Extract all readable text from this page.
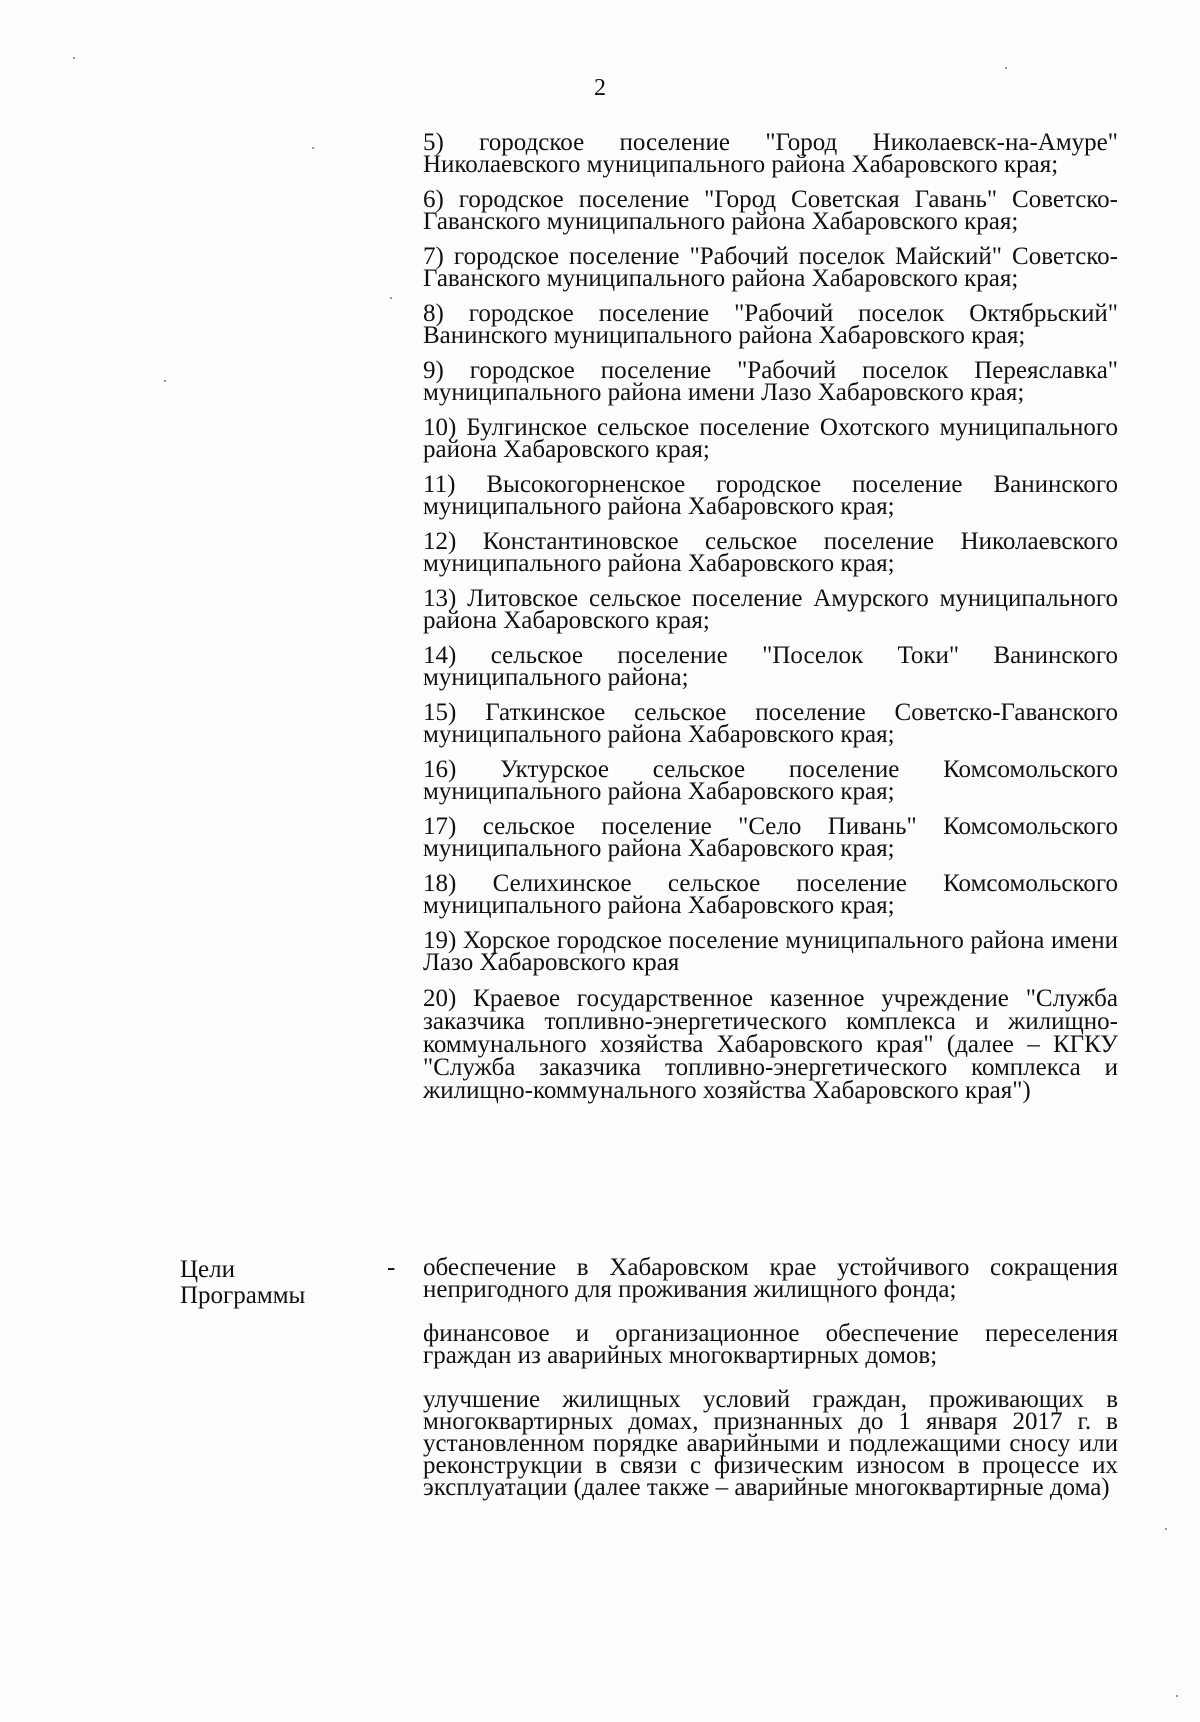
2
5) городское поселение "Город Николаевск-на-Амуре" Николаевского муниципального района Хабаровского края;
6) городское поселение "Город Советская Гавань" Советско-Гаванского муниципального района Хабаровского края;
7) городское поселение "Рабочий поселок Майский" Советско-Гаванского муниципального района Хабаровского края;
8) городское поселение "Рабочий поселок Октябрьский" Ванинского муниципального района Хабаровского края;
9) городское поселение "Рабочий поселок Переяславка" муниципального района имени Лазо Хабаровского края;
10) Булгинское сельское поселение Охотского муниципального района Хабаровского края;
11) Высокогорненское городское поселение Ванинского муниципального района Хабаровского края;
12) Константиновское сельское поселение Николаевского муниципального района Хабаровского края;
13) Литовское сельское поселение Амурского муниципального района Хабаровского края;
14) сельское поселение "Поселок Токи" Ванинского муниципального района;
15) Гаткинское сельское поселение Советско-Гаванского муниципального района Хабаровского края;
16) Уктурское сельское поселение Комсомольского муниципального района Хабаровского края;
17) сельское поселение "Село Пивань" Комсомольского муниципального района Хабаровского края;
18) Селихинское сельское поселение Комсомольского муниципального района Хабаровского края;
19) Хорское городское поселение муниципального района имени Лазо Хабаровского края
20) Краевое государственное казенное учреждение "Служба заказчика топливно-энергетического комплекса и жилищно-коммунального хозяйства Хабаровского края" (далее – КГКУ "Служба заказчика топливно-энергетического комплекса и жилищно-коммунального хозяйства Хабаровского края")
Цели
Программы
- обеспечение в Хабаровском крае устойчивого сокращения непригодного для проживания жилищного фонда;
финансовое и организационное обеспечение переселения граждан из аварийных многоквартирных домов;
улучшение жилищных условий граждан, проживающих в многоквартирных домах, признанных до 1 января 2017 г. в установленном порядке аварийными и подлежащими сносу или реконструкции в связи с физическим износом в процессе их эксплуатации (далее также – аварийные многоквартирные дома)
